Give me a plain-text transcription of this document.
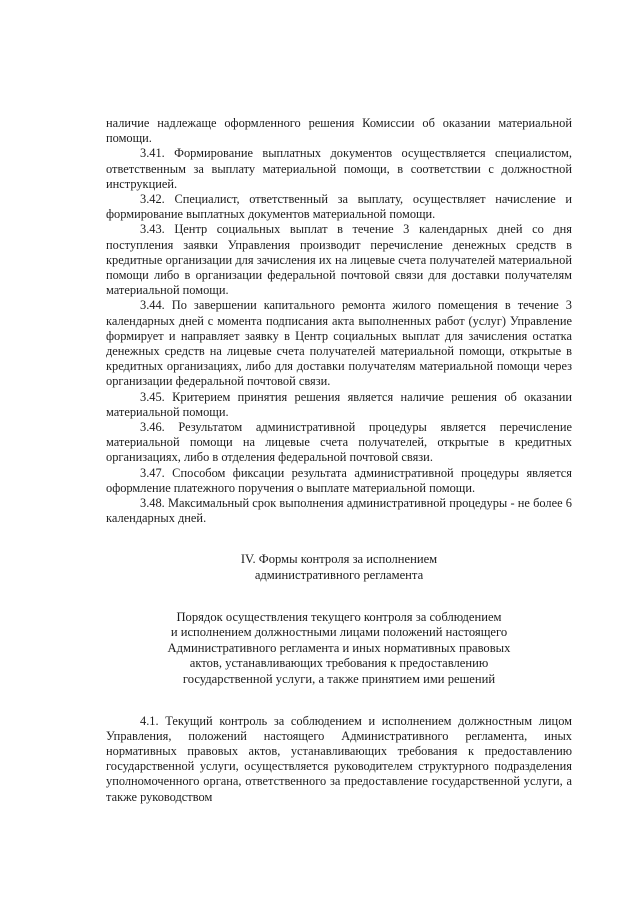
наличие надлежаще оформленного решения Комиссии об оказании материальной помощи.

3.41. Формирование выплатных документов осуществляется специалистом, ответственным за выплату материальной помощи, в соответствии с должностной инструкцией.

3.42. Специалист, ответственный за выплату, осуществляет начисление и формирование выплатных документов материальной помощи.

3.43. Центр социальных выплат в течение 3 календарных дней со дня поступления заявки Управления производит перечисление денежных средств в кредитные организации для зачисления их на лицевые счета получателей материальной помощи либо в организации федеральной почтовой связи для доставки получателям материальной помощи.

3.44. По завершении капитального ремонта жилого помещения в течение 3 календарных дней с момента подписания акта выполненных работ (услуг) Управление формирует и направляет заявку в Центр социальных выплат для зачисления остатка денежных средств на лицевые счета получателей материальной помощи, открытые в кредитных организациях, либо для доставки получателям материальной помощи через организации федеральной почтовой связи.

3.45. Критерием принятия решения является наличие решения об оказании материальной помощи.

3.46. Результатом административной процедуры является перечисление материальной помощи на лицевые счета получателей, открытые в кредитных организациях, либо в отделения федеральной почтовой связи.

3.47. Способом фиксации результата административной процедуры является оформление платежного поручения о выплате материальной помощи.

3.48. Максимальный срок выполнения административной процедуры - не более 6 календарных дней.

IV. Формы контроля за исполнением

административного регламента

Порядок осуществления текущего контроля за соблюдением

и исполнением должностными лицами положений настоящего

Административного регламента и иных нормативных правовых

актов, устанавливающих требования к предоставлению

государственной услуги, а также принятием ими решений

4.1. Текущий контроль за соблюдением и исполнением должностным лицом Управления, положений настоящего Административного регламента, иных нормативных правовых актов, устанавливающих требования к предоставлению государственной услуги, осуществляется руководителем структурного подразделения уполномоченного органа, ответственного за предоставление государственной услуги, а также руководством
